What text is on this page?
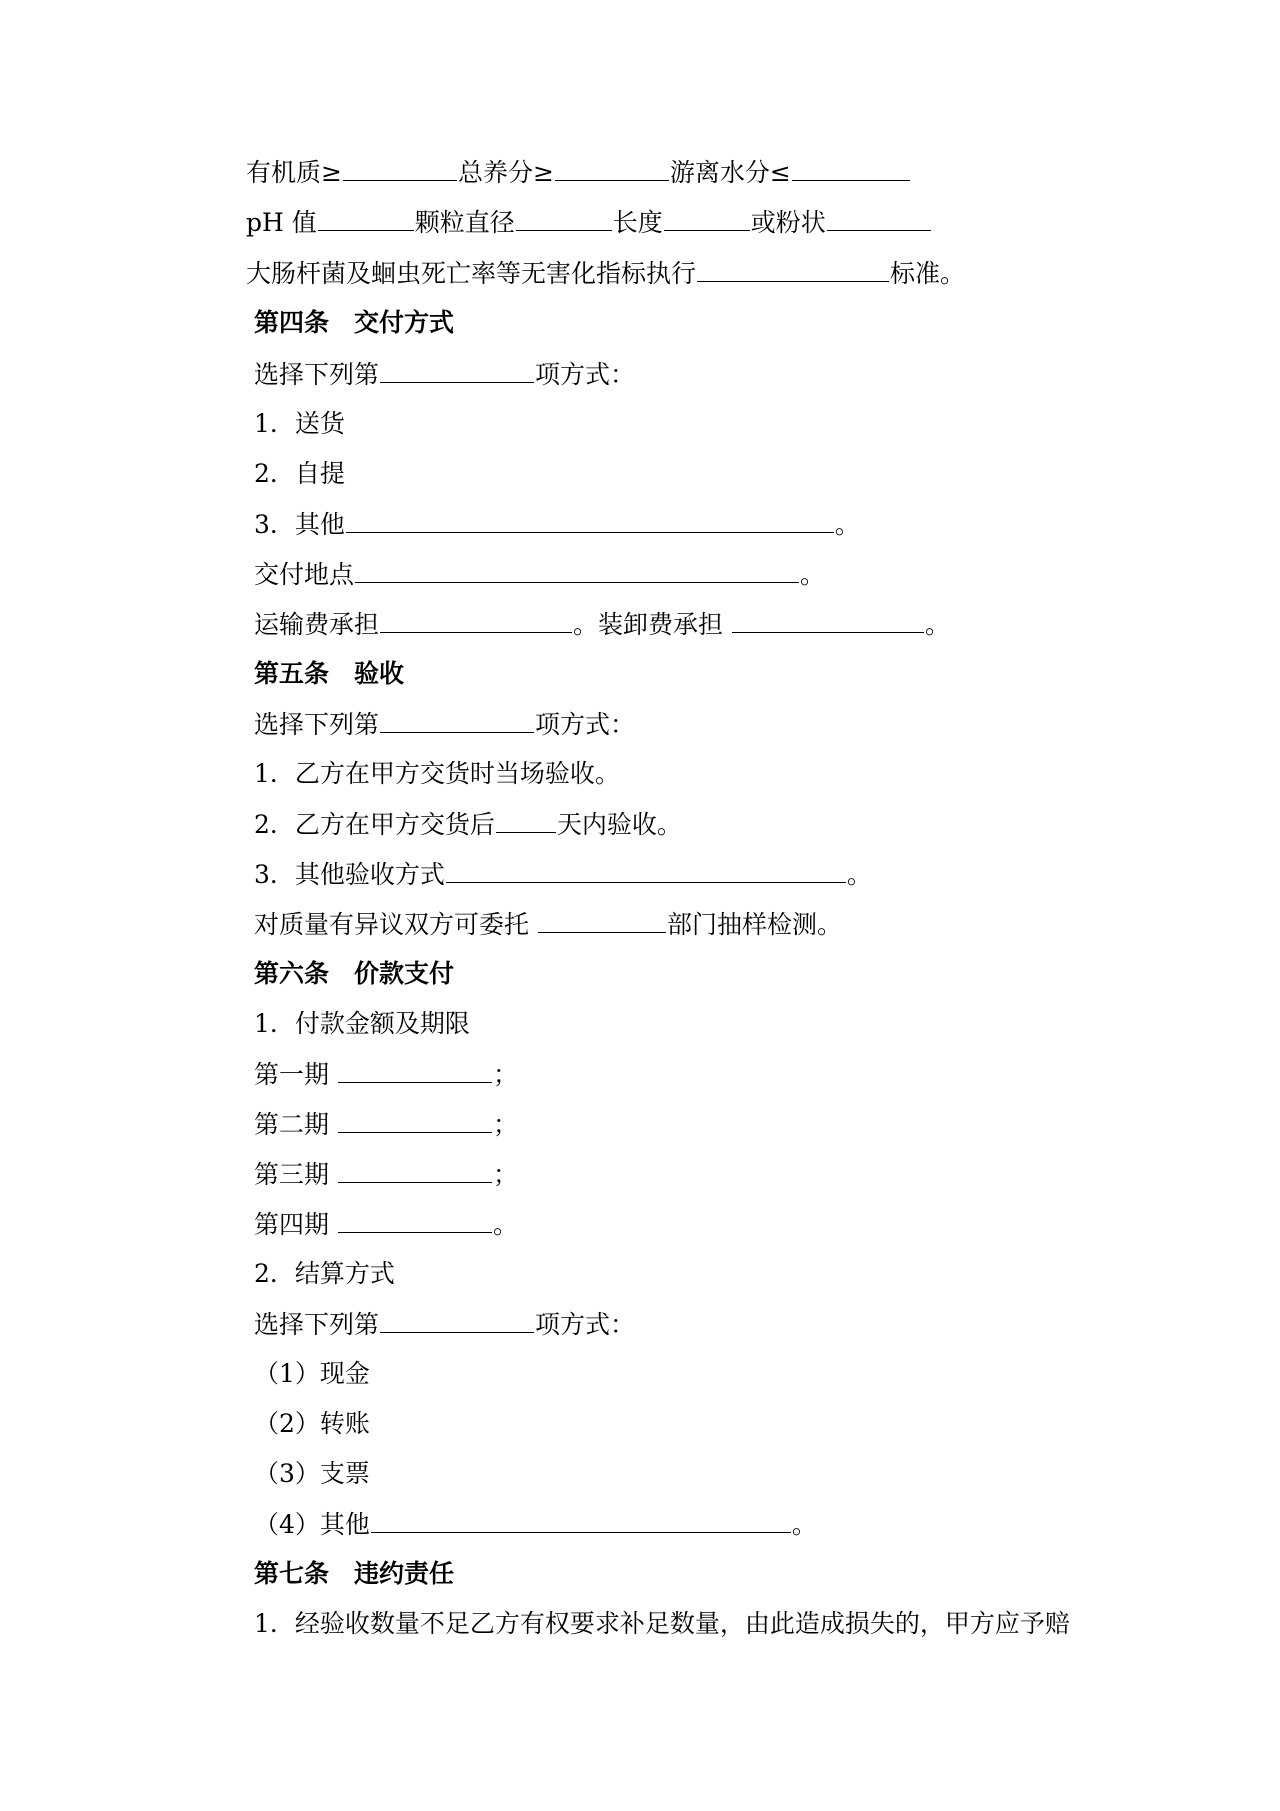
有机质≥	总养分≥	游离水分≤
pH 值	颗粒直径	长度	或粉状
大肠杆菌及蛔虫死亡率等无害化指标执行	标准。
第四条　交付方式
选择下列第	项方式：
1．送货
2．自提
3．其他	。
交付地点	。
运输费承担	。装卸费承担	。
第五条　验收
选择下列第	项方式：
1．乙方在甲方交货时当场验收。
2．乙方在甲方交货后 天内验收。
3．其他验收方式	。
对质量有异议双方可委托	部门抽样检测。
第六条　价款支付
1．付款金额及期限
第一期	；
第二期	；
第三期	；
第四期	。
2．结算方式
选择下列第	项方式：
（1）现金
（2）转账
（3）支票
（4）其他	。
第七条　违约责任
1．经验收数量不足乙方有权要求补足数量，由此造成损失的，甲方应予赔
